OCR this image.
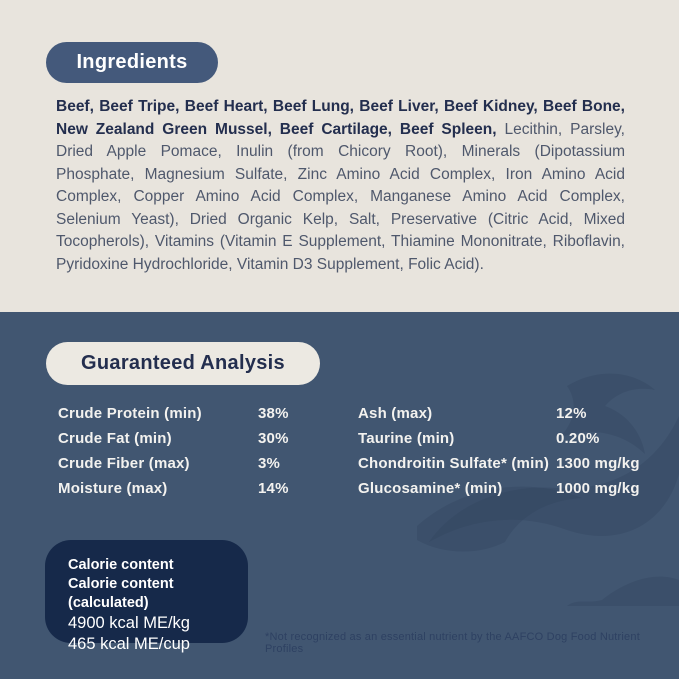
Ingredients

Beef, Beef Tripe, Beef Heart, Beef Lung, Beef Liver, Beef Kidney, Beef Bone, New Zealand Green Mussel, Beef Cartilage, Beef Spleen, Lecithin, Parsley, Dried Apple Pomace, Inulin (from Chicory Root), Minerals (Dipotassium Phosphate, Magnesium Sulfate, Zinc Amino Acid Complex, Iron Amino Acid Complex, Copper Amino Acid Complex, Manganese Amino Acid Complex, Selenium Yeast), Dried Organic Kelp, Salt, Preservative (Citric Acid, Mixed Tocopherols), Vitamins (Vitamin E Supplement, Thiamine Mononitrate, Riboflavin, Pyridoxine Hydrochloride, Vitamin D3 Supplement, Folic Acid).

Guaranteed Analysis
Crude Protein (min)	38%	Ash (max)	12%
Crude Fat (min)	30%	Taurine (min)	0.20%
Crude Fiber (max)	3%	Chondroitin Sulfate* (min) 1300 mg/kg
Moisture (max)	14%	Glucosamine* (min)	1000 mg/kg
Calorie content
Calorie content (calculated)
4900 kcal ME/kg
465 kcal ME/cup	*Not recognized as an essential nutrient by the AAFCO Dog Food Nutrient Profiles
